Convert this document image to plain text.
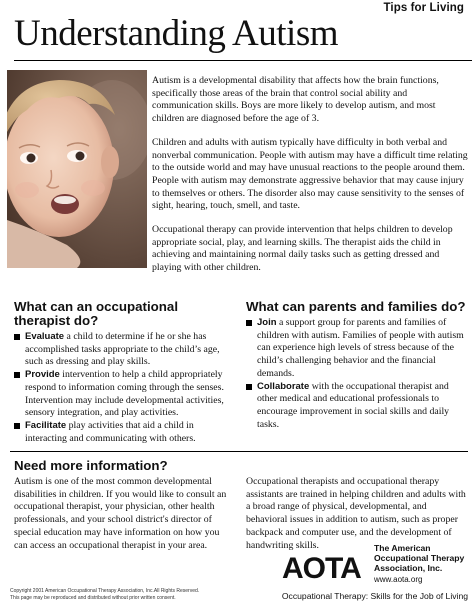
Tips for Living
Understanding Autism

Autism is a developmental disability that affects how the brain functions, specifically those areas of the brain that control social ability and communication skills. Boys are more likely to develop autism, and most children are diagnosed before the age of 3.

Children and adults with autism typically have difficulty in both verbal and nonverbal communication. People with autism may have a difficult time relating to the outside world and may have unusual reactions to the people around them. People with autism may demonstrate aggressive behavior that may cause injury to themselves or others. The disorder also may cause sensitivity to the senses of sight, hearing, touch, smell, and taste.

Occupational therapy can provide intervention that helps children to develop appropriate social, play, and learning skills. The therapist aids the child in achieving and maintaining normal daily tasks such as getting dressed and playing with other children.

What can an occupational therapist do?
Evaluate a child to determine if he or she has accomplished tasks appropriate to the child’s age, such as dressing and play skills.
Provide intervention to help a child appropriately respond to information coming through the senses. Intervention may include developmental activities, sensory integration, and play activities.
Facilitate play activities that aid a child in interacting and communicating with others.
What can parents and families do?
Join a support group for parents and families of children with autism. Families of people with autism can experience high levels of stress because of the child’s challenging behavior and the financial demands.
Collaborate with the occupational therapist and other medical and educational professionals to encourage improvement in social skills and daily tasks.
Need more information?
Autism is one of the most common developmental disabilities in children. If you would like to consult an occupational therapist, your physician, other health professionals, and your school district's director of special education may have information on how you can access an occupational therapist in your area.
Occupational therapists and occupational therapy assistants are trained in helping children and adults with a broad range of physical, developmental, and behavioral issues in addition to autism, such as proper backpack and computer use, and the development of handwriting skills.
AOTA
The American
Occupational Therapy
Association, Inc.
www.aota.org
Copyright 2001 American Occupational Therapy Association, Inc.All Rights Reserved.
This page may be reproduced and distributed without prior written consent.	Occupational Therapy: Skills for the Job of Living
